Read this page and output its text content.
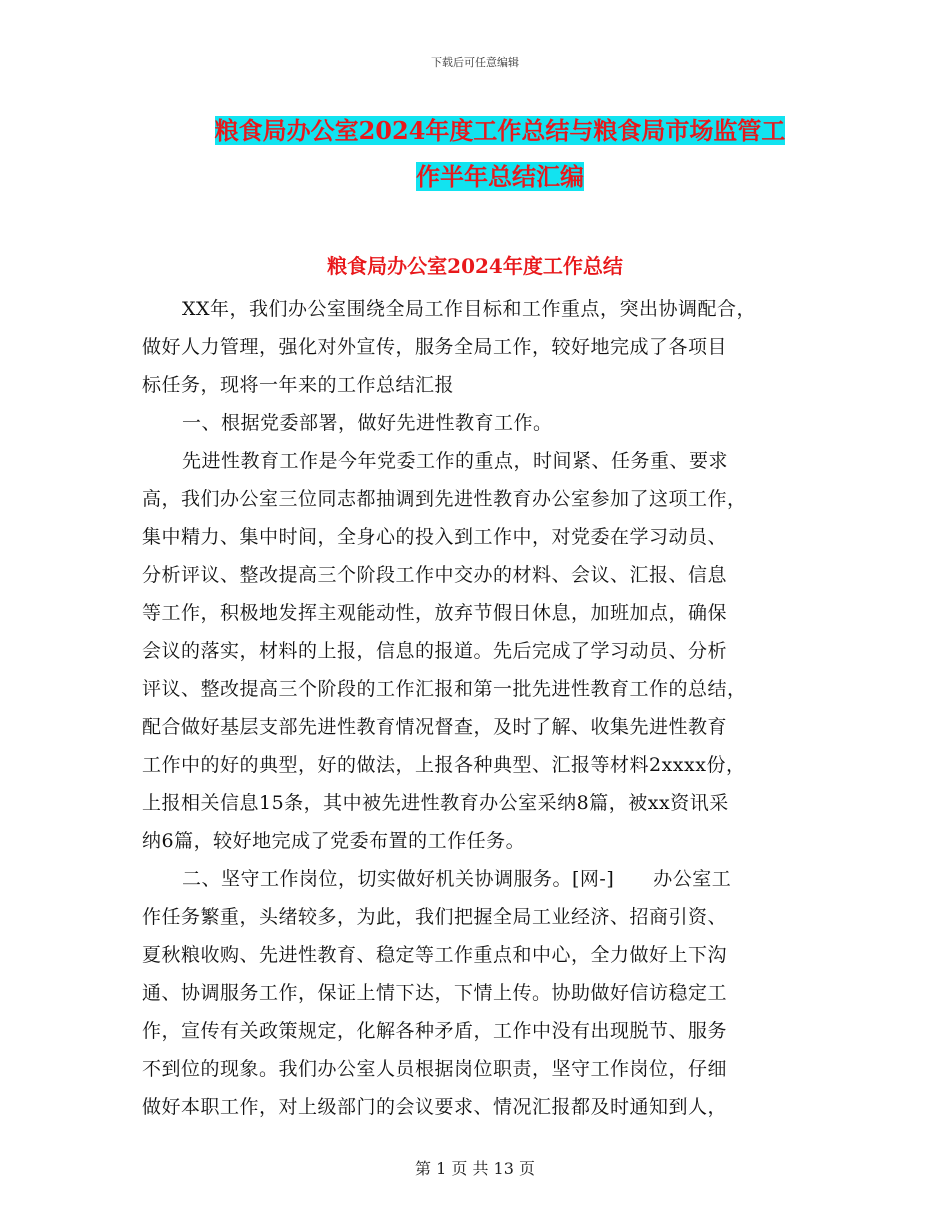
下载后可任意编辑
粮食局办公室2024年度工作总结与粮食局市场监管工
作半年总结汇编
粮食局办公室2024年度工作总结
XX年，我们办公室围绕全局工作目标和工作重点，突出协调配合，
做好人力管理，强化对外宣传，服务全局工作，较好地完成了各项目
标任务，现将一年来的工作总结汇报
一、根据党委部署，做好先进性教育工作。
先进性教育工作是今年党委工作的重点，时间紧、任务重、要求
高，我们办公室三位同志都抽调到先进性教育办公室参加了这项工作，
集中精力、集中时间，全身心的投入到工作中，对党委在学习动员、
分析评议、整改提高三个阶段工作中交办的材料、会议、汇报、信息
等工作，积极地发挥主观能动性，放弃节假日休息，加班加点，确保
会议的落实，材料的上报，信息的报道。先后完成了学习动员、分析
评议、整改提高三个阶段的工作汇报和第一批先进性教育工作的总结，
配合做好基层支部先进性教育情况督查，及时了解、收集先进性教育
工作中的好的典型，好的做法，上报各种典型、汇报等材料2xxxx份，
上报相关信息15条，其中被先进性教育办公室采纳8篇，被xx资讯采
纳6篇，较好地完成了党委布置的工作任务。
二、坚守工作岗位，切实做好机关协调服务。[网-]　　办公室工
作任务繁重，头绪较多，为此，我们把握全局工业经济、招商引资、
夏秋粮收购、先进性教育、稳定等工作重点和中心，全力做好上下沟
通、协调服务工作，保证上情下达，下情上传。协助做好信访稳定工
作，宣传有关政策规定，化解各种矛盾，工作中没有出现脱节、服务
不到位的现象。我们办公室人员根据岗位职责，坚守工作岗位，仔细
做好本职工作，对上级部门的会议要求、情况汇报都及时通知到人，
第 1 页 共 13 页
